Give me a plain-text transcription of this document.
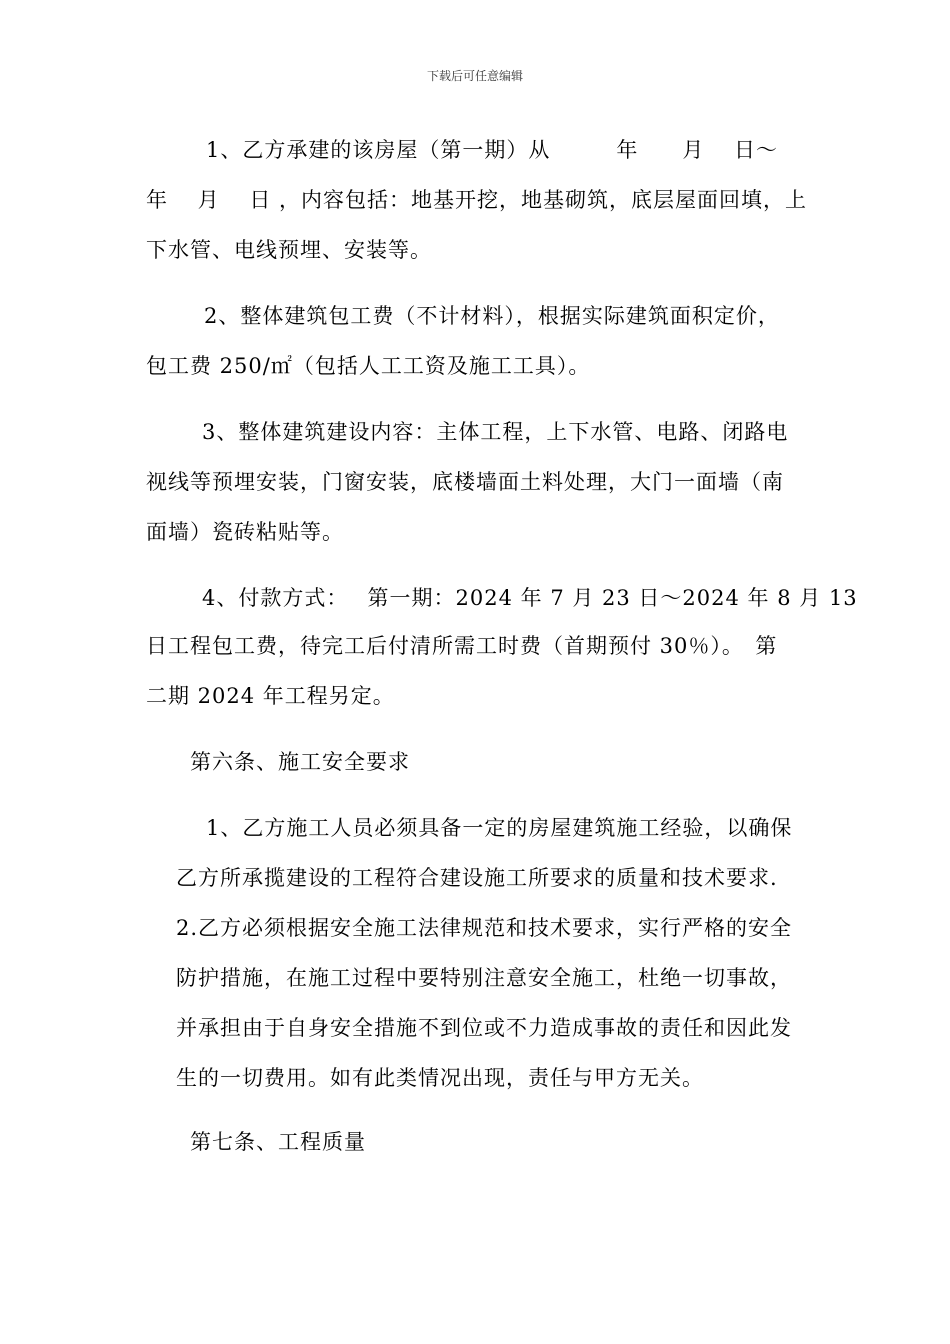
下载后可任意编辑
1、乙方承建的该房屋（第一期）从　　　年　　月　 日～
年　 月　 日 ，内容包括：地基开挖，地基砌筑，底层屋面回填，上
下水管、电线预埋、安装等。
2、整体建筑包工费（不计材料），根据实际建筑面积定价，
包工费 250/㎡（包括人工工资及施工工具）。
3、整体建筑建设内容：主体工程，上下水管、电路、闭路电
视线等预埋安装，门窗安装，底楼墙面土料处理，大门一面墙（南
面墙）瓷砖粘贴等。
4、付款方式：　 第一期：2024 年 7 月 23 日～2024 年 8 月 13
日工程包工费，待完工后付清所需工时费（首期预付 30％）。　第
二期 2024 年工程另定。
第六条、施工安全要求
1、乙方施工人员必须具备一定的房屋建筑施工经验，以确保
乙方所承揽建设的工程符合建设施工所要求的质量和技术要求.
2.乙方必须根据安全施工法律规范和技术要求，实行严格的安全
防护措施，在施工过程中要特别注意安全施工，杜绝一切事故，
并承担由于自身安全措施不到位或不力造成事故的责任和因此发
生的一切费用。如有此类情况出现，责任与甲方无关。
第七条、工程质量
